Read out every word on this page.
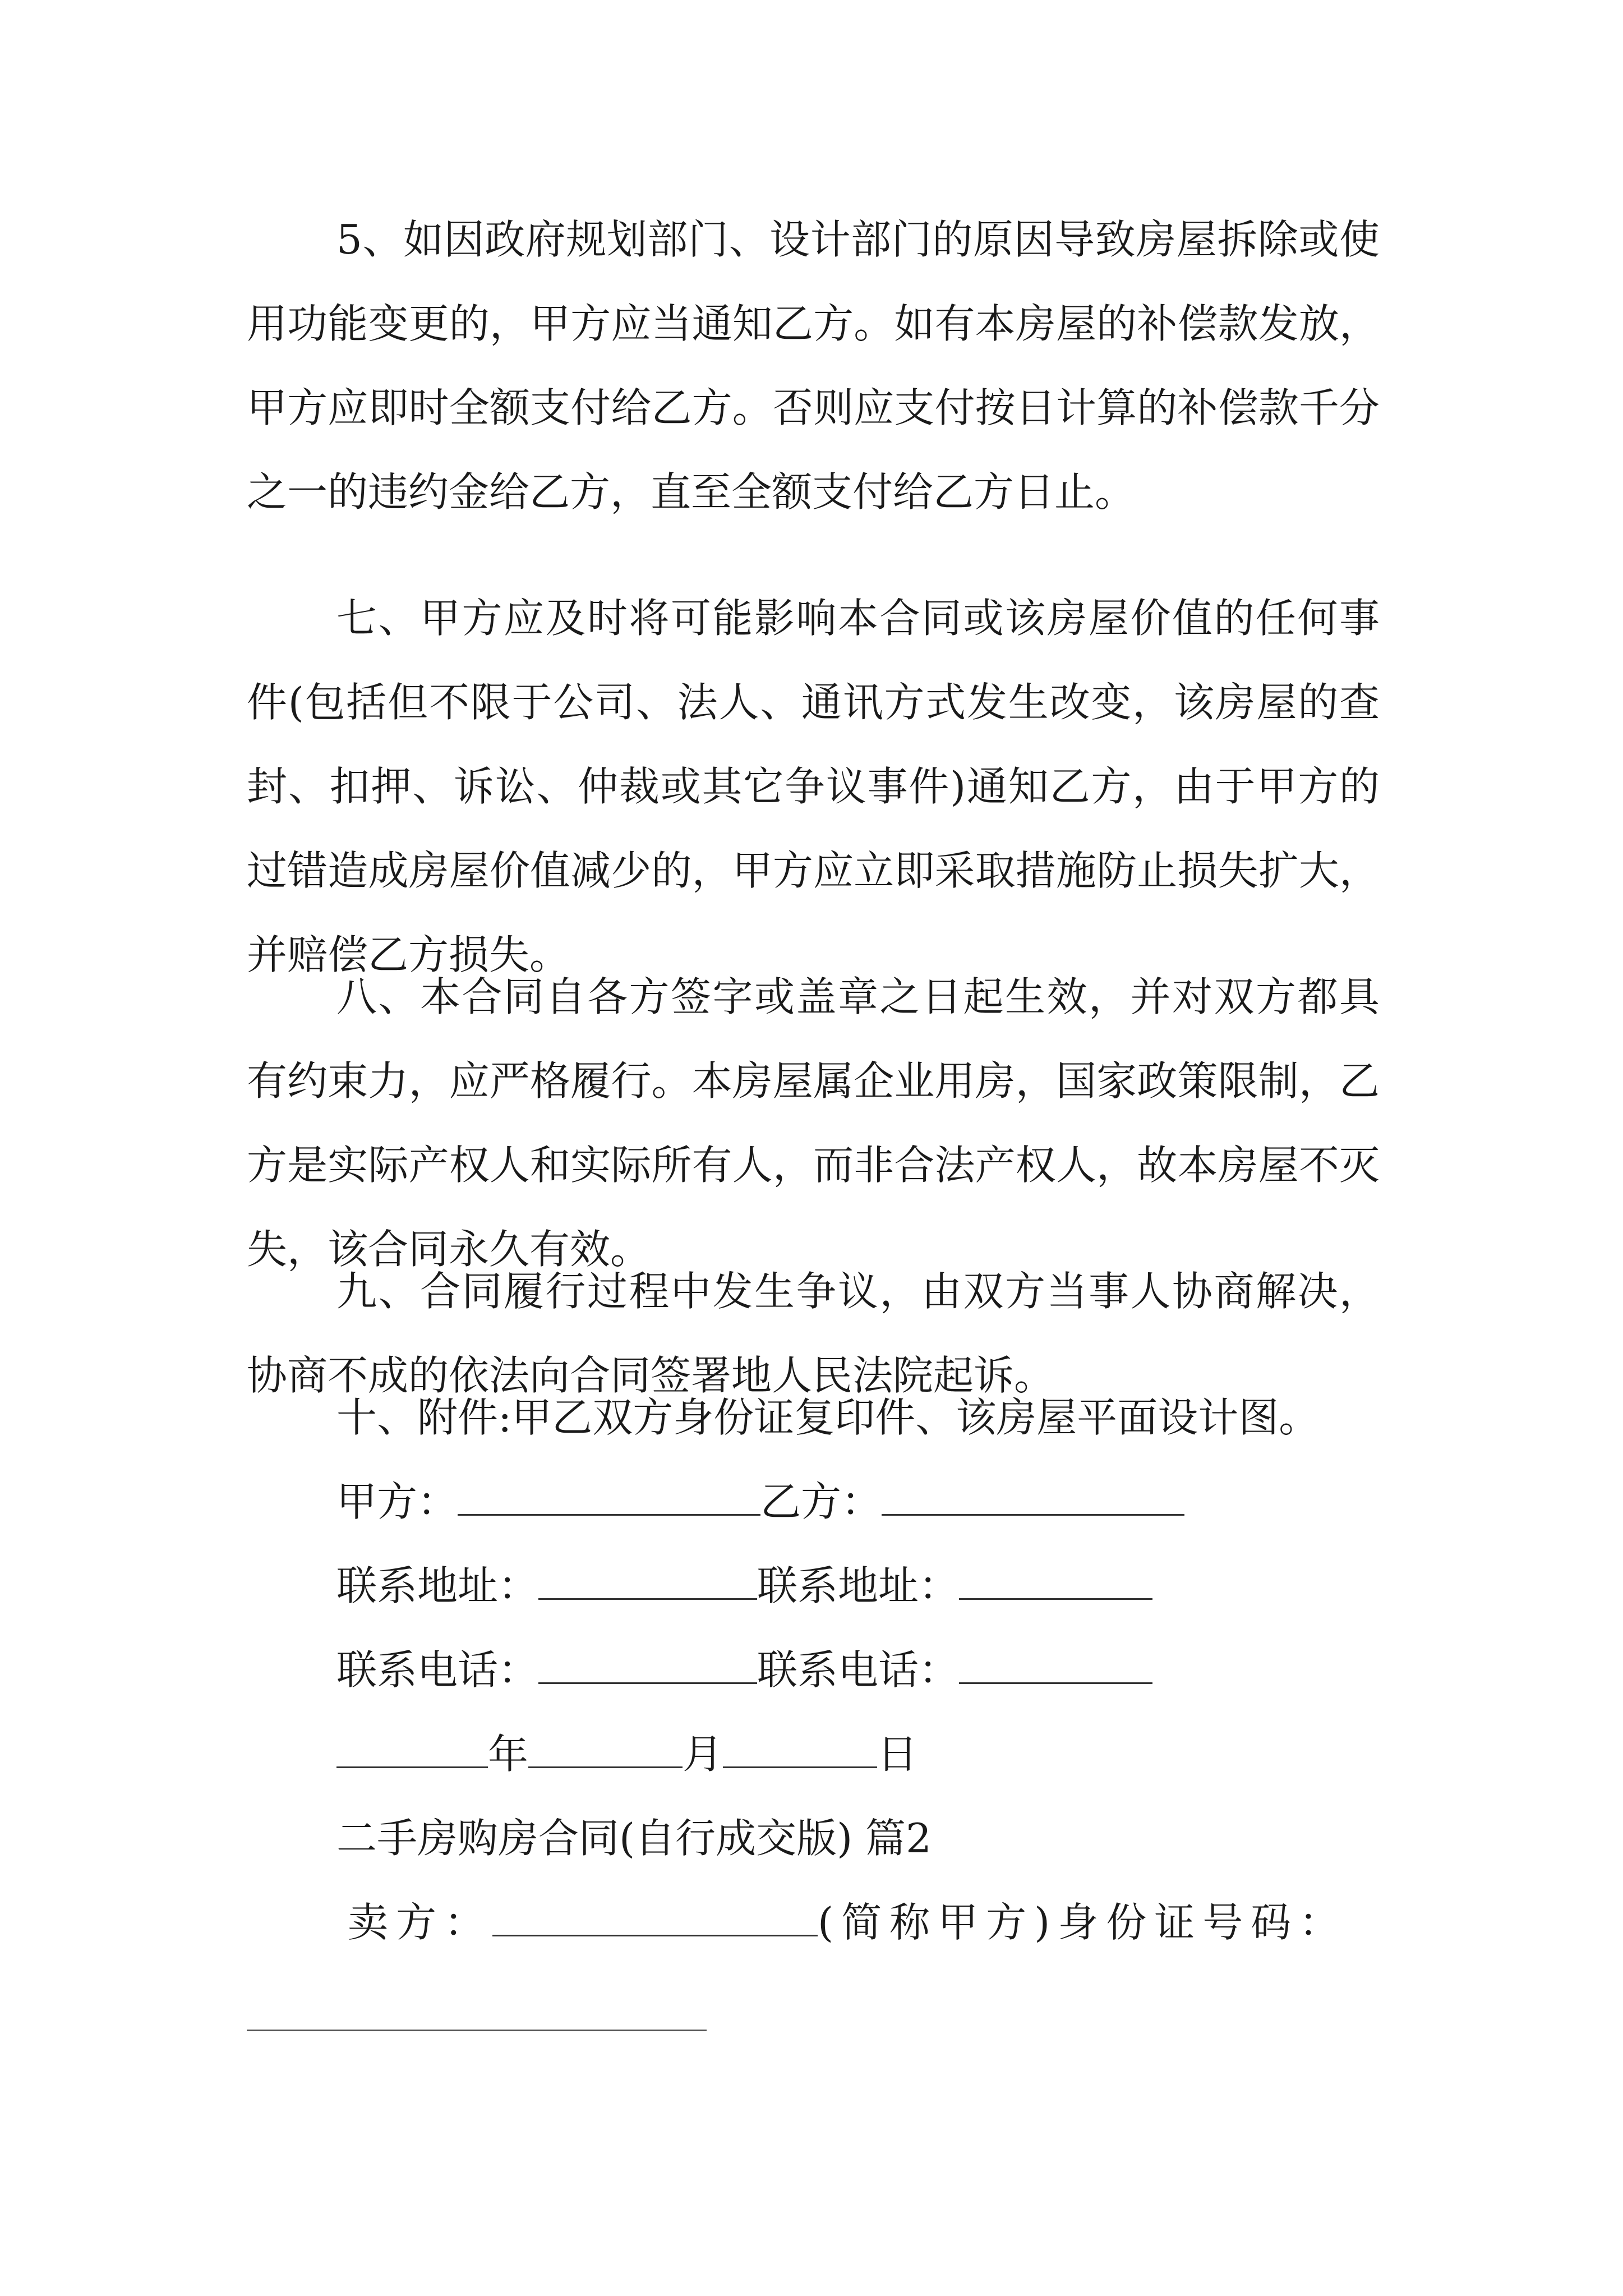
5、如因政府规划部门、设计部门的原因导致房屋拆除或使用功能变更的，甲方应当通知乙方。如有本房屋的补偿款发放，甲方应即时全额支付给乙方。否则应支付按日计算的补偿款千分之一的违约金给乙方，直至全额支付给乙方日止。

七、甲方应及时将可能影响本合同或该房屋价值的任何事件(包括但不限于公司、法人、通讯方式发生改变，该房屋的查封、扣押、诉讼、仲裁或其它争议事件)通知乙方，由于甲方的过错造成房屋价值减少的，甲方应立即采取措施防止损失扩大，并赔偿乙方损失。

八、本合同自各方签字或盖章之日起生效，并对双方都具有约束力，应严格履行。本房屋属企业用房，国家政策限制，乙方是实际产权人和实际所有人，而非合法产权人，故本房屋不灭失，该合同永久有效。

九、合同履行过程中发生争议，由双方当事人协商解决，协商不成的依法向合同签署地人民法院起诉。

十、附件:甲乙双方身份证复印件、该房屋平面设计图。

甲方：	乙方：
联系地址：	联系地址：
联系电话：	联系电话：
年	月	日
二手房购房合同(自行成交版) 篇2
卖方：	(简称甲方)身份证号码：
